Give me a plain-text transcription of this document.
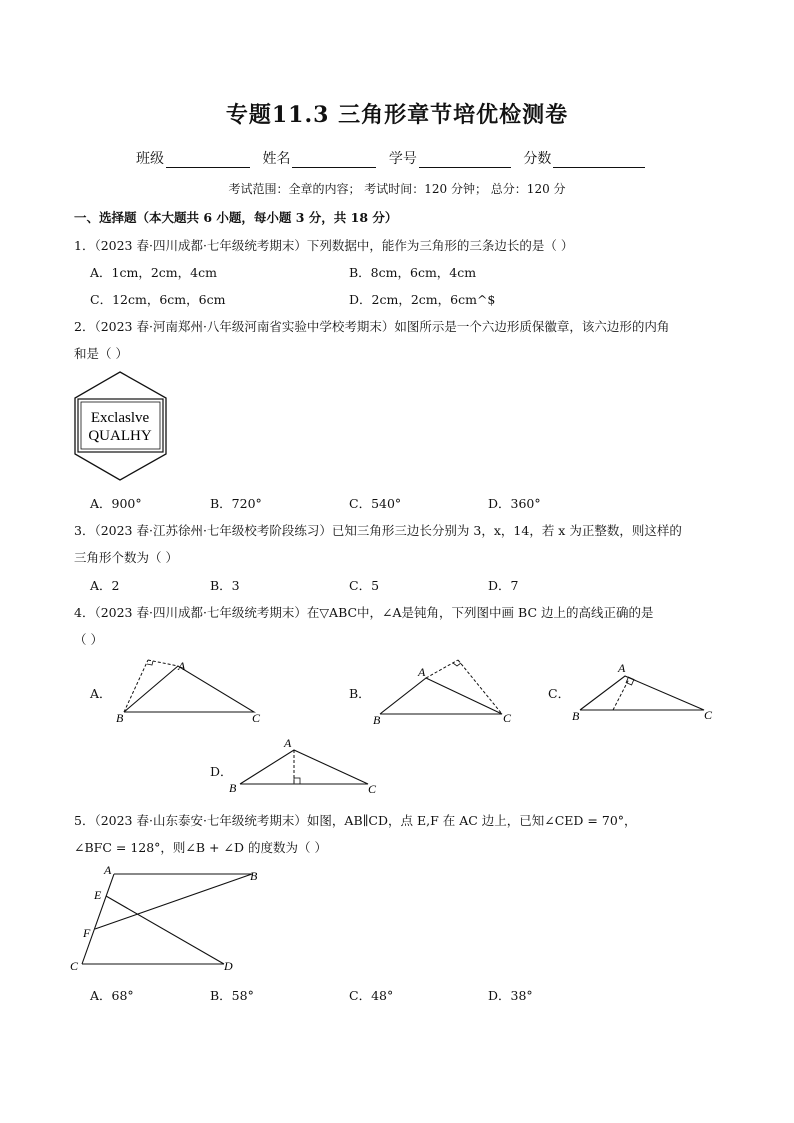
专题11.3 三角形章节培优检测卷
班级	姓名	学号	分数
考试范围：全章的内容； 考试时间：120 分钟； 总分：120 分
一、选择题（本大题共 6 小题，每小题 3 分，共 18 分）
1．（2023 春·四川成都·七年级统考期末）下列数据中，能作为三角形的三条边长的是（ ）
A．1cm，2cm，4cm	B．8cm，6cm，4cm
C．12cm，6cm，6cm	D．2cm，2cm，6cm^$
2．（2023 春·河南郑州·八年级河南省实验中学校考期末）如图所示是一个六边形质保徽章，该六边形的内角
和是（ ）
Exclaslve
QUALHY
A．900°	B．720°	C．540°	D．360°
3．（2023 春·江苏徐州·七年级校考阶段练习）已知三角形三边长分别为 3，x，14，若 x 为正整数，则这样的
三角形个数为（ ）
A．2	B．3	C．5	D．7
4．（2023 春·四川成都·七年级统考期末）在▽ABC中，∠A是钝角，下列图中画 BC 边上的高线正确的是
（ ）
A．
A
B	C
B．
A
B	C
C．
A
B	C
D．
A
B	C
5．（2023 春·山东泰安·七年级统考期末）如图，AB∥CD，点 E,F 在 AC 边上，已知∠CED = 70°，
∠BFC = 128°，则∠B + ∠D 的度数为（ ）
A	B
E
F
C	D
A．68°	B．58°	C．48°	D．38°
